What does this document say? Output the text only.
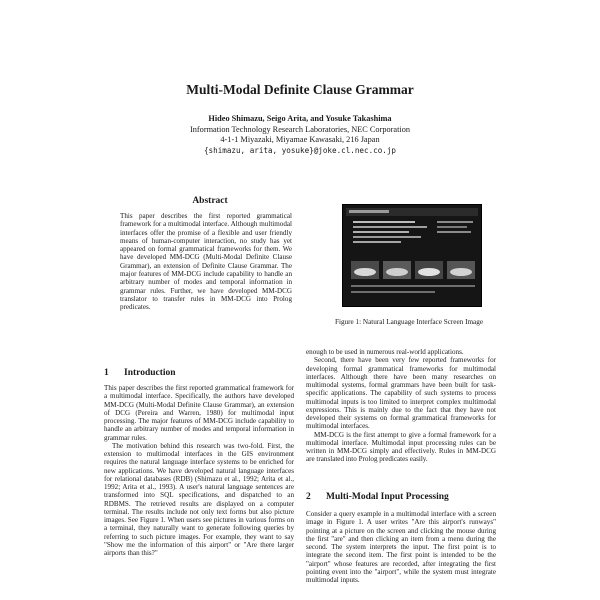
Multi-Modal Definite Clause Grammar
Hideo Shimazu, Seigo Arita, and Yosuke Takashima
Information Technology Research Laboratories, NEC Corporation
4-1-1 Miyazaki, Miyamae Kawasaki, 216 Japan
{shimazu, arita, yosuke}@joke.cl.nec.co.jp
Abstract
This paper describes the first reported grammatical framework for a multimodal interface. Although multimodal interfaces offer the promise of a flexible and user friendly means of human-computer interaction, no study has yet appeared on formal grammatical frameworks for them. We have developed MM-DCG (Multi-Modal Definite Clause Grammar), an extension of Definite Clause Grammar. The major features of MM-DCG include capability to handle an arbitrary number of modes and temporal information in grammar rules. Further, we have developed MM-DCG translator to transfer rules in MM-DCG into Prolog predicates.
Figure 1: Natural Language Interface Screen Image
1 Introduction

This paper describes the first reported grammatical framework for a multimodal interface. Specifically, the authors have developed MM-DCG (Multi-Modal Definite Clause Grammar), an extension of DCG (Pereira and Warren, 1980) for multimodal input processing. The major features of MM-DCG include capability to handle an arbitrary number of modes and temporal information in grammar rules.

The motivation behind this research was two-fold. First, the extension to multimodal interfaces in the GIS environment requires the natural language interface systems to be enriched for new applications. We have developed natural language interfaces for relational databases (RDB) (Shimazu et al., 1992; Arita et al., 1992; Arita et al., 1993). A user's natural language sentences are transformed into SQL specifications, and dispatched to an RDBMS. The retrieved results are displayed on a computer terminal. The results include not only text forms but also picture images. See Figure 1. When users see pictures in various forms on a terminal, they naturally want to generate following queries by referring to such picture images. For example, they want to say "Show me the information of this airport" or "Are there larger airports than this?"

enough to be used in numerous real-world applications.

Second, there have been very few reported frameworks for developing formal grammatical frameworks for multimodal interfaces. Although there have been many researches on multimodal systems, formal grammars have been built for task-specific applications. The capability of such systems to process multimodal inputs is too limited to interpret complex multimodal expressions. This is mainly due to the fact that they have not developed their systems on formal grammatical frameworks for multimodal interfaces.

MM-DCG is the first attempt to give a formal framework for a multimodal interface. Multimodal input processing rules can be written in MM-DCG simply and effectively. Rules in MM-DCG are translated into Prolog predicates easily.

2 Multi-Modal Input Processing

Consider a query example in a multimodal interface with a screen image in Figure 1. A user writes "Are this airport's runways" pointing at a picture on the screen and clicking the mouse during the first "are" and then clicking an item from a menu during the second. The system interprets the input. The first point is to integrate the second item. The first point is intended to be the "airport" whose features are recorded, after integrating the first pointing event into the "airport", while the system must integrate multimodal inputs.
